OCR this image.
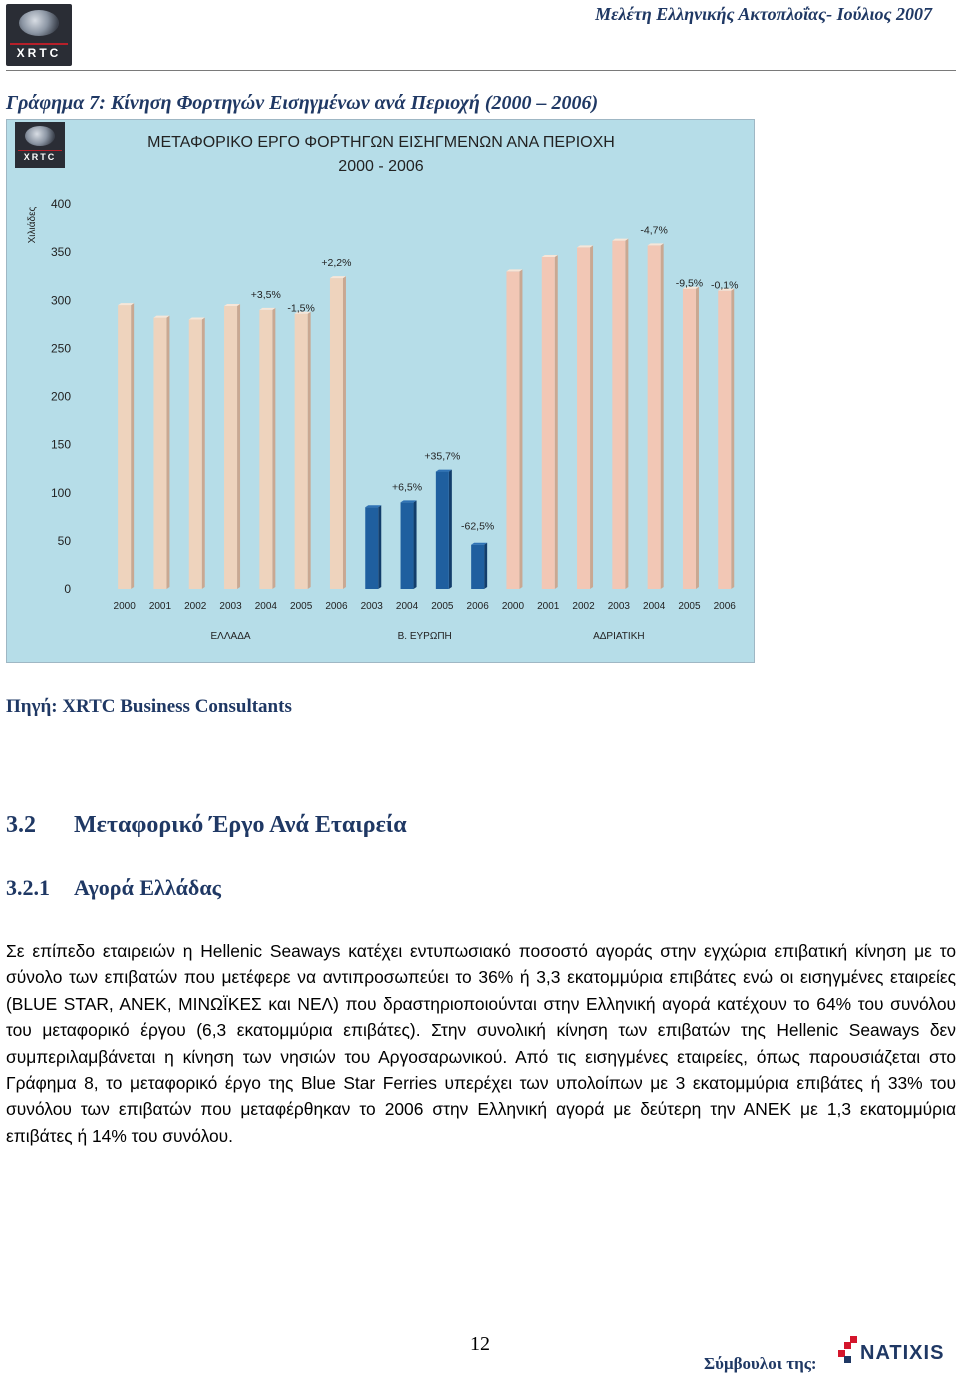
XRTC
Μελέτη Ελληνικής Ακτοπλοΐας- Ιούλιος 2007
Γράφημα 7: Κίνηση Φορτηγών Εισηγμένων ανά Περιοχή (2000 – 2006)
XRTC
ΜΕΤΑΦΟΡΙΚΟ ΕΡΓΟ ΦΟΡΤΗΓΩΝ ΕΙΣΗΓΜΕΝΩΝ ΑΝΑ ΠΕΡΙΟΧΗ
2000 - 2006
Χιλιάδες
0
50
100
150
200
250
300
350
400
2000 2001 2002 2003 2004
+3,5%
2005
-1,5%
2006
+2,2%
ΕΛΛΑΔΑ
2003 2004
+6,5%
2005
+35,7%
2006
-62,5%
Β. ΕΥΡΩΠΗ
2000 2001 2002 2003 2004
-4,7%
2005
-9,5%
2006
-0,1%
ΑΔΡΙΑΤΙΚΗ
Πηγή: XRTC Business Consultants
3.2 Μεταφορικό Έργο Ανά Εταιρεία
3.2.1 Αγορά Ελλάδας

Σε επίπεδο εταιρειών η Hellenic Seaways κατέχει εντυπωσιακό ποσοστό αγοράς στην εγχώρια επιβατική κίνηση με το σύνολο των επιβατών που μετέφερε να αντιπροσωπεύει το 36% ή 3,3 εκατομμύρια επιβάτες ενώ οι εισηγμένες εταιρείες (BLUE STAR, ANEK, ΜΙΝΩΪΚΕΣ και ΝΕΛ) που δραστηριοποιούνται στην Ελληνική αγορά κατέχουν το 64% του συνόλου του μεταφορικό έργου (6,3 εκατομμύρια επιβάτες). Στην συνολική κίνηση των επιβατών της Hellenic Seaways δεν συμπεριλαμβάνεται η κίνηση των νησιών του Αργοσαρωνικού. Από τις εισηγμένες εταιρείες, όπως παρουσιάζεται στο Γράφημα 8, το μεταφορικό έργο της Blue Star Ferries υπερέχει των υπολοίπων με 3 εκατομμύρια επιβάτες ή 33% του συνόλου των επιβατών που μεταφέρθηκαν το 2006 στην Ελληνική αγορά με δεύτερη την ΑΝΕΚ με 1,3 εκατομμύρια επιβάτες ή 14% του συνόλου.

12
Σύμβουλοι της: NATIXIS
